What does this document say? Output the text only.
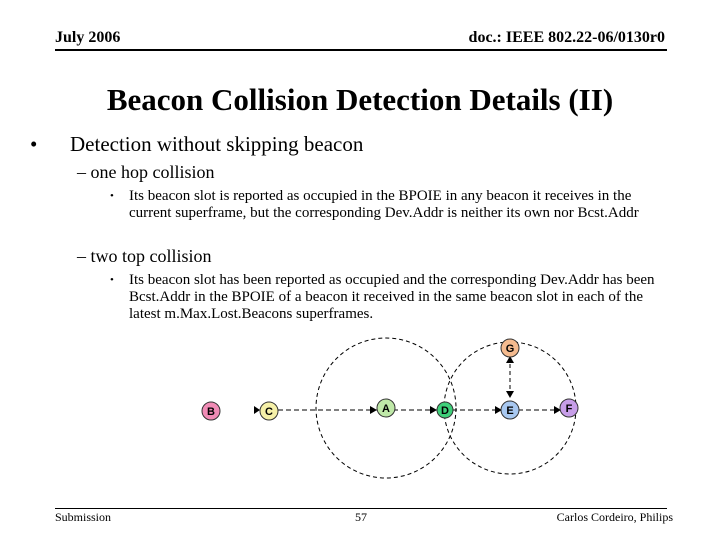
July 2006	doc.: IEEE 802.22-06/0130r0
Beacon Collision Detection Details (II)
• Detection without skipping beacon
– one hop collision
• Its beacon slot is reported as occupied in the BPOIE in any beacon it receives in the current superframe, but the corresponding Dev.Addr is neither its own nor Bcst.Addr
– two top collision
• Its beacon slot has been reported as occupied and the corresponding Dev.Addr has been Bcst.Addr in the BPOIE of a beacon it received in the same beacon slot in each of the latest m.Max.Lost.Beacons superframes.
B	C	A	D	E	F
G
Submission	57	Carlos Cordeiro, Philips
